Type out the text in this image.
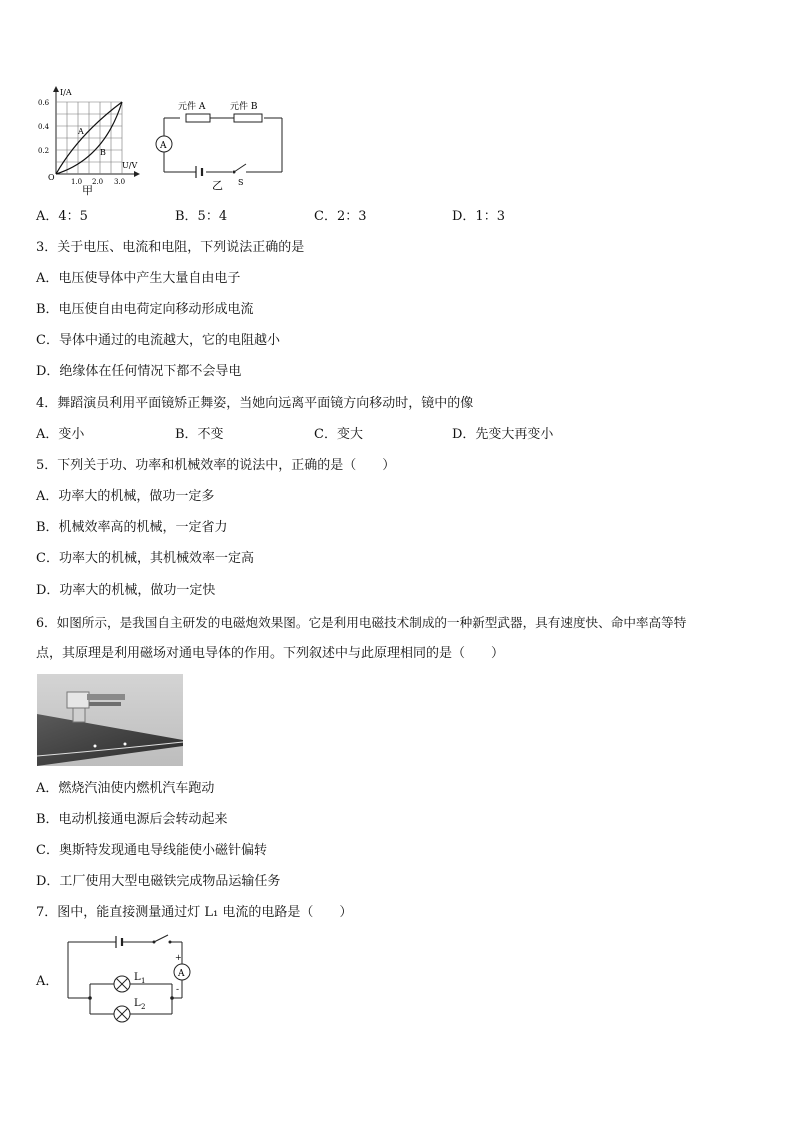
I/A
U/V
O
0.6
0.4
0.2
1.0 2.0 3.0
A
B
甲
元件 A	元件 B
A
S
乙
A．4：5	B．5：4	C．2：3	D．1：3
3．关于电压、电流和电阻，下列说法正确的是
A．电压使导体中产生大量自由电子
B．电压使自由电荷定向移动形成电流
C．导体中通过的电流越大，它的电阻越小
D．绝缘体在任何情况下都不会导电
4．舞蹈演员利用平面镜矫正舞姿，当她向远离平面镜方向移动时，镜中的像
A．变小	B．不变	C．变大	D．先变大再变小
5．下列关于功、功率和机械效率的说法中，正确的是（　　）
A．功率大的机械，做功一定多
B．机械效率高的机械，一定省力
C．功率大的机械，其机械效率一定高
D．功率大的机械，做功一定快
6．如图所示，是我国自主研发的电磁炮效果图。它是利用电磁技术制成的一种新型武器，具有速度快、命中率高等特
点，其原理是利用磁场对通电导体的作用。下列叙述中与此原理相同的是（　　）
A．燃烧汽油使内燃机汽车跑动
B．电动机接通电源后会转动起来
C．奥斯特发现通电导线能使小磁针偏转
D．工厂使用大型电磁铁完成物品运输任务
7．图中，能直接测量通过灯 L₁ 电流的电路是（　　）
A．	A
+
-
L 1
L 2
